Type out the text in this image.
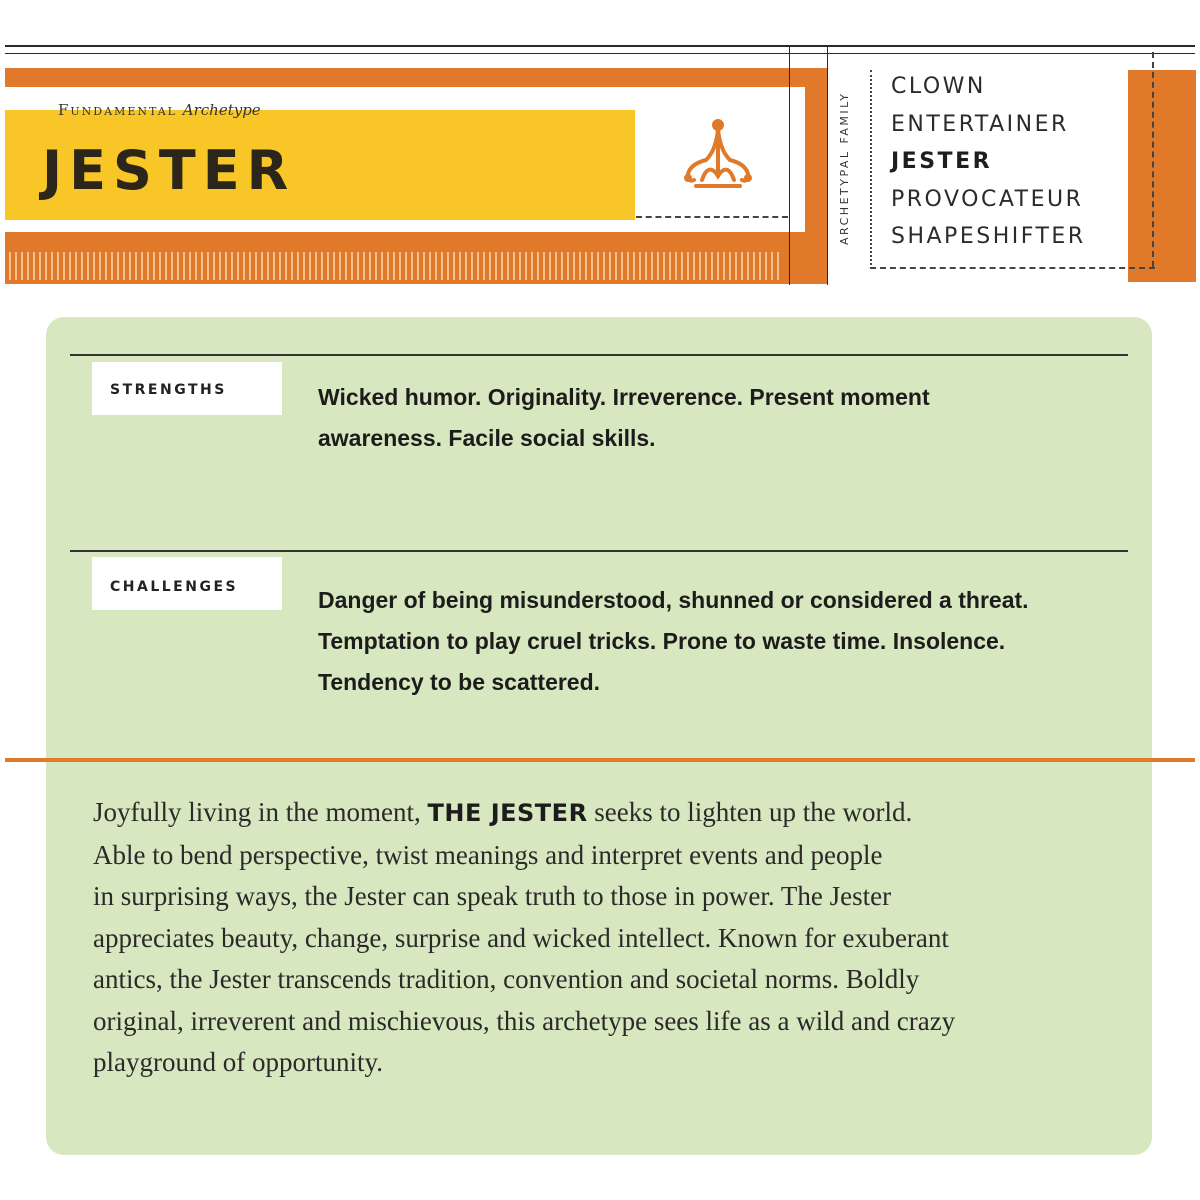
Fundamental Archetype
JESTER	ARCHETYPAL FAMILY
CLOWN
ENTERTAINER
JESTER
PROVOCATEUR
SHAPESHIFTER
STRENGTHS	Wicked humor. Originality. Irreverence. Present moment
awareness. Facile social skills.
CHALLENGES	Danger of being misunderstood, shunned or considered a threat.
Temptation to play cruel tricks. Prone to waste time. Insolence.
Tendency to be scattered.
Joyfully living in the moment, THE JESTER seeks to lighten up the world.
Able to bend perspective, twist meanings and interpret events and people
in surprising ways, the Jester can speak truth to those in power. The Jester
appreciates beauty, change, surprise and wicked intellect. Known for exuberant
antics, the Jester transcends tradition, convention and societal norms. Boldly
original, irreverent and mischievous, this archetype sees life as a wild and crazy
playground of opportunity.
